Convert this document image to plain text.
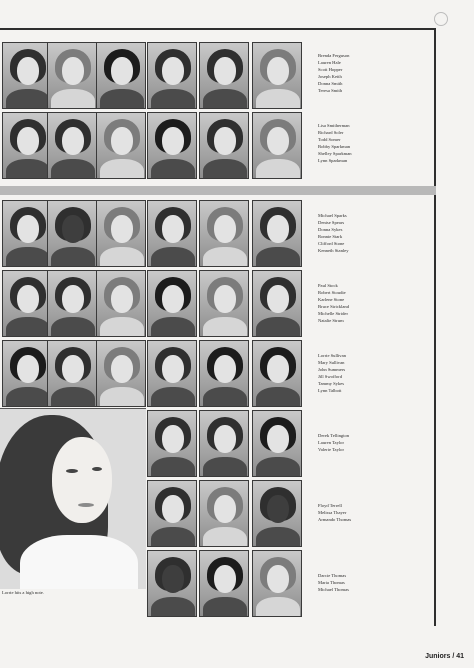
Brenda Ferguson
Lauren Hale
Scott Hopper
Joseph Keith
Donna Smith
Teresa Smith
Lisa Smitherman
Richard Soler
Todd Somer
Bobby Sparkman
Shelley Sparkman
Lynn Sparkman
Michael Sparks
Denise Spears
Donna Sykes
Ronnie Stark
Clifford Stone
Kenneth Stanley
Paul Stock
Robert Stoudie
Karlene Stone
Bruce Strickland
Michelle Strider
Natalie Strum
Lorrie Sullivan
Mary Sullivan
John Summers
Jill Swofford
Tammy Sykes
Lynn Talbott
Derek Tellington
Lauren Taylor
Valerie Taylor
Floyd Terrell
Melissa Thayer
Armando Thomas
Darcie Thomas
Maria Thomas
Michael Thomas
Lorrie hits a high note.
Juniors / 41
